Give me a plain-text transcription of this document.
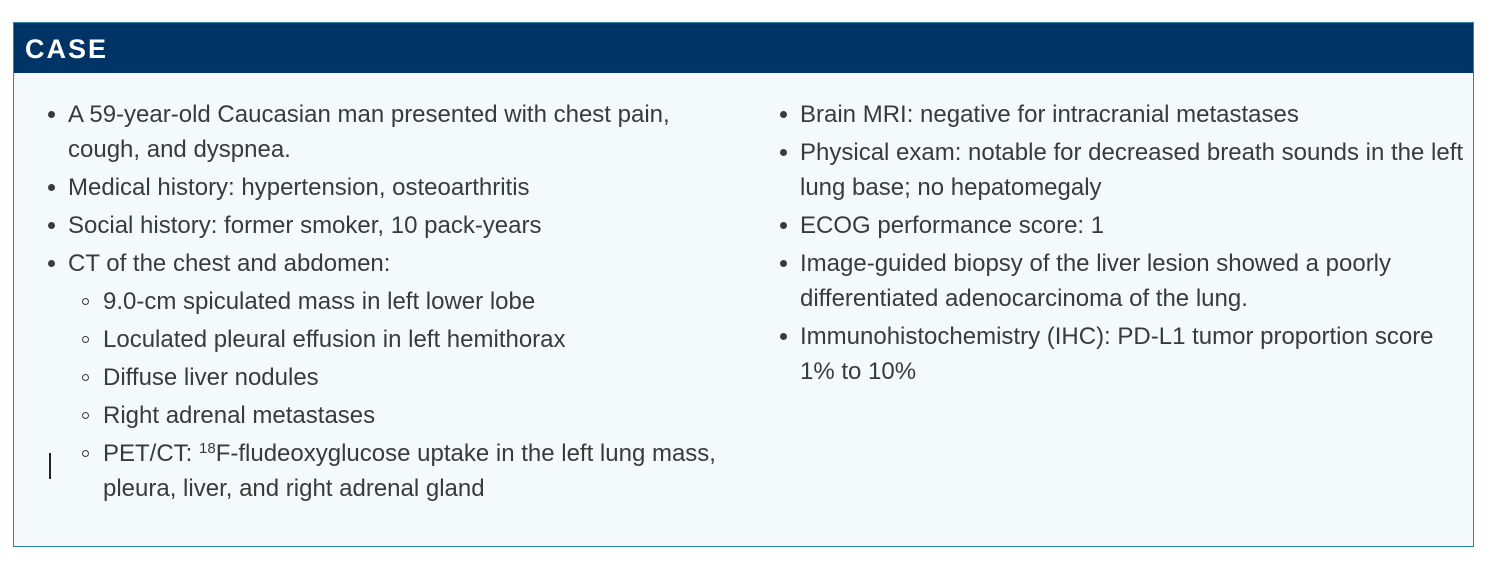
CASE
A 59-year-old Caucasian man presented with chest pain, cough, and dyspnea.
Medical history: hypertension, osteoarthritis
Social history: former smoker, 10 pack-years
CT of the chest and abdomen:
9.0-cm spiculated mass in left lower lobe
Loculated pleural effusion in left hemithorax
Diffuse liver nodules
Right adrenal metastases
PET/CT: $^{18}$F-fludeoxyglucose uptake in the left lung mass, pleura, liver, and right adrenal gland
Brain MRI: negative for intracranial metastases
Physical exam: notable for decreased breath sounds in the left lung base; no hepatomegaly
ECOG performance score: 1
Image-guided biopsy of the liver lesion showed a poorly differentiated adenocarcinoma of the lung.
Immunohistochemistry (IHC): PD-L1 tumor proportion score 1% to 10%
